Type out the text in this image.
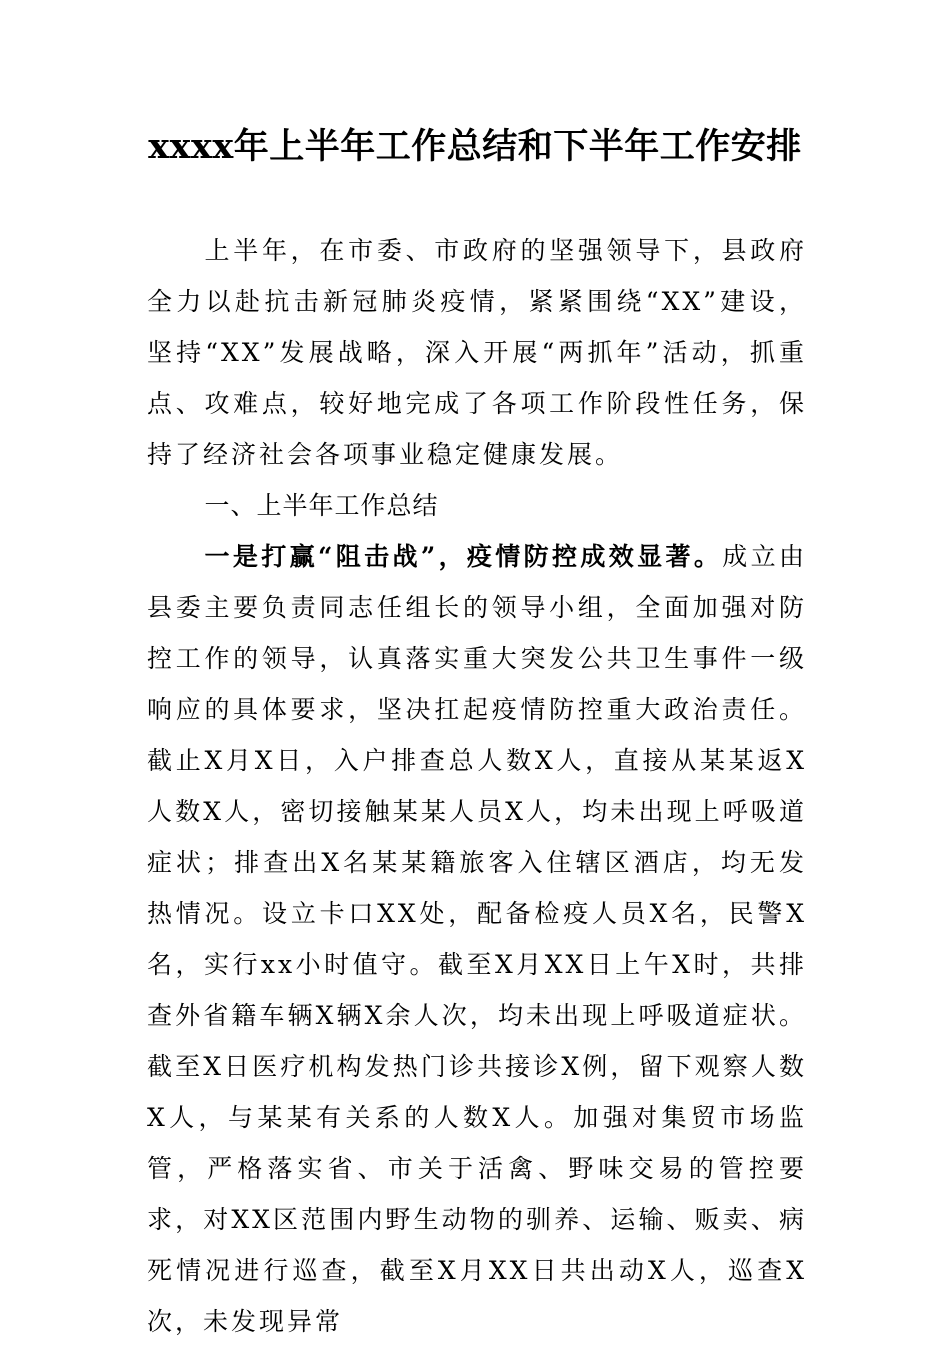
xxxx年上半年工作总结和下半年工作安排

上半年，在市委、市政府的坚强领导下，县政府全力以赴抗击新冠肺炎疫情，紧紧围绕“XX”建设，坚持“XX”发展战略，深入开展“两抓年”活动，抓重点、攻难点，较好地完成了各项工作阶段性任务，保持了经济社会各项事业稳定健康发展。

一、上半年工作总结

一是打赢“阻击战”，疫情防控成效显著。成立由县委主要负责同志任组长的领导小组，全面加强对防控工作的领导，认真落实重大突发公共卫生事件一级响应的具体要求，坚决扛起疫情防控重大政治责任。截止X月X日，入户排查总人数X人，直接从某某返X人数X人，密切接触某某人员X人，均未出现上呼吸道症状；排查出X名某某籍旅客入住辖区酒店，均无发热情况。设立卡口XX处，配备检疫人员X名，民警X名，实行xx小时值守。截至X月XX日上午X时，共排查外省籍车辆X辆X余人次，均未出现上呼吸道症状。截至X日医疗机构发热门诊共接诊X例，留下观察人数X人，与某某有关系的人数X人。加强对集贸市场监管，严格落实省、市关于活禽、野味交易的管控要求，对XX区范围内野生动物的驯养、运输、贩卖、病死情况进行巡查，截至X月XX日共出动X人，巡查X次，未发现异常
